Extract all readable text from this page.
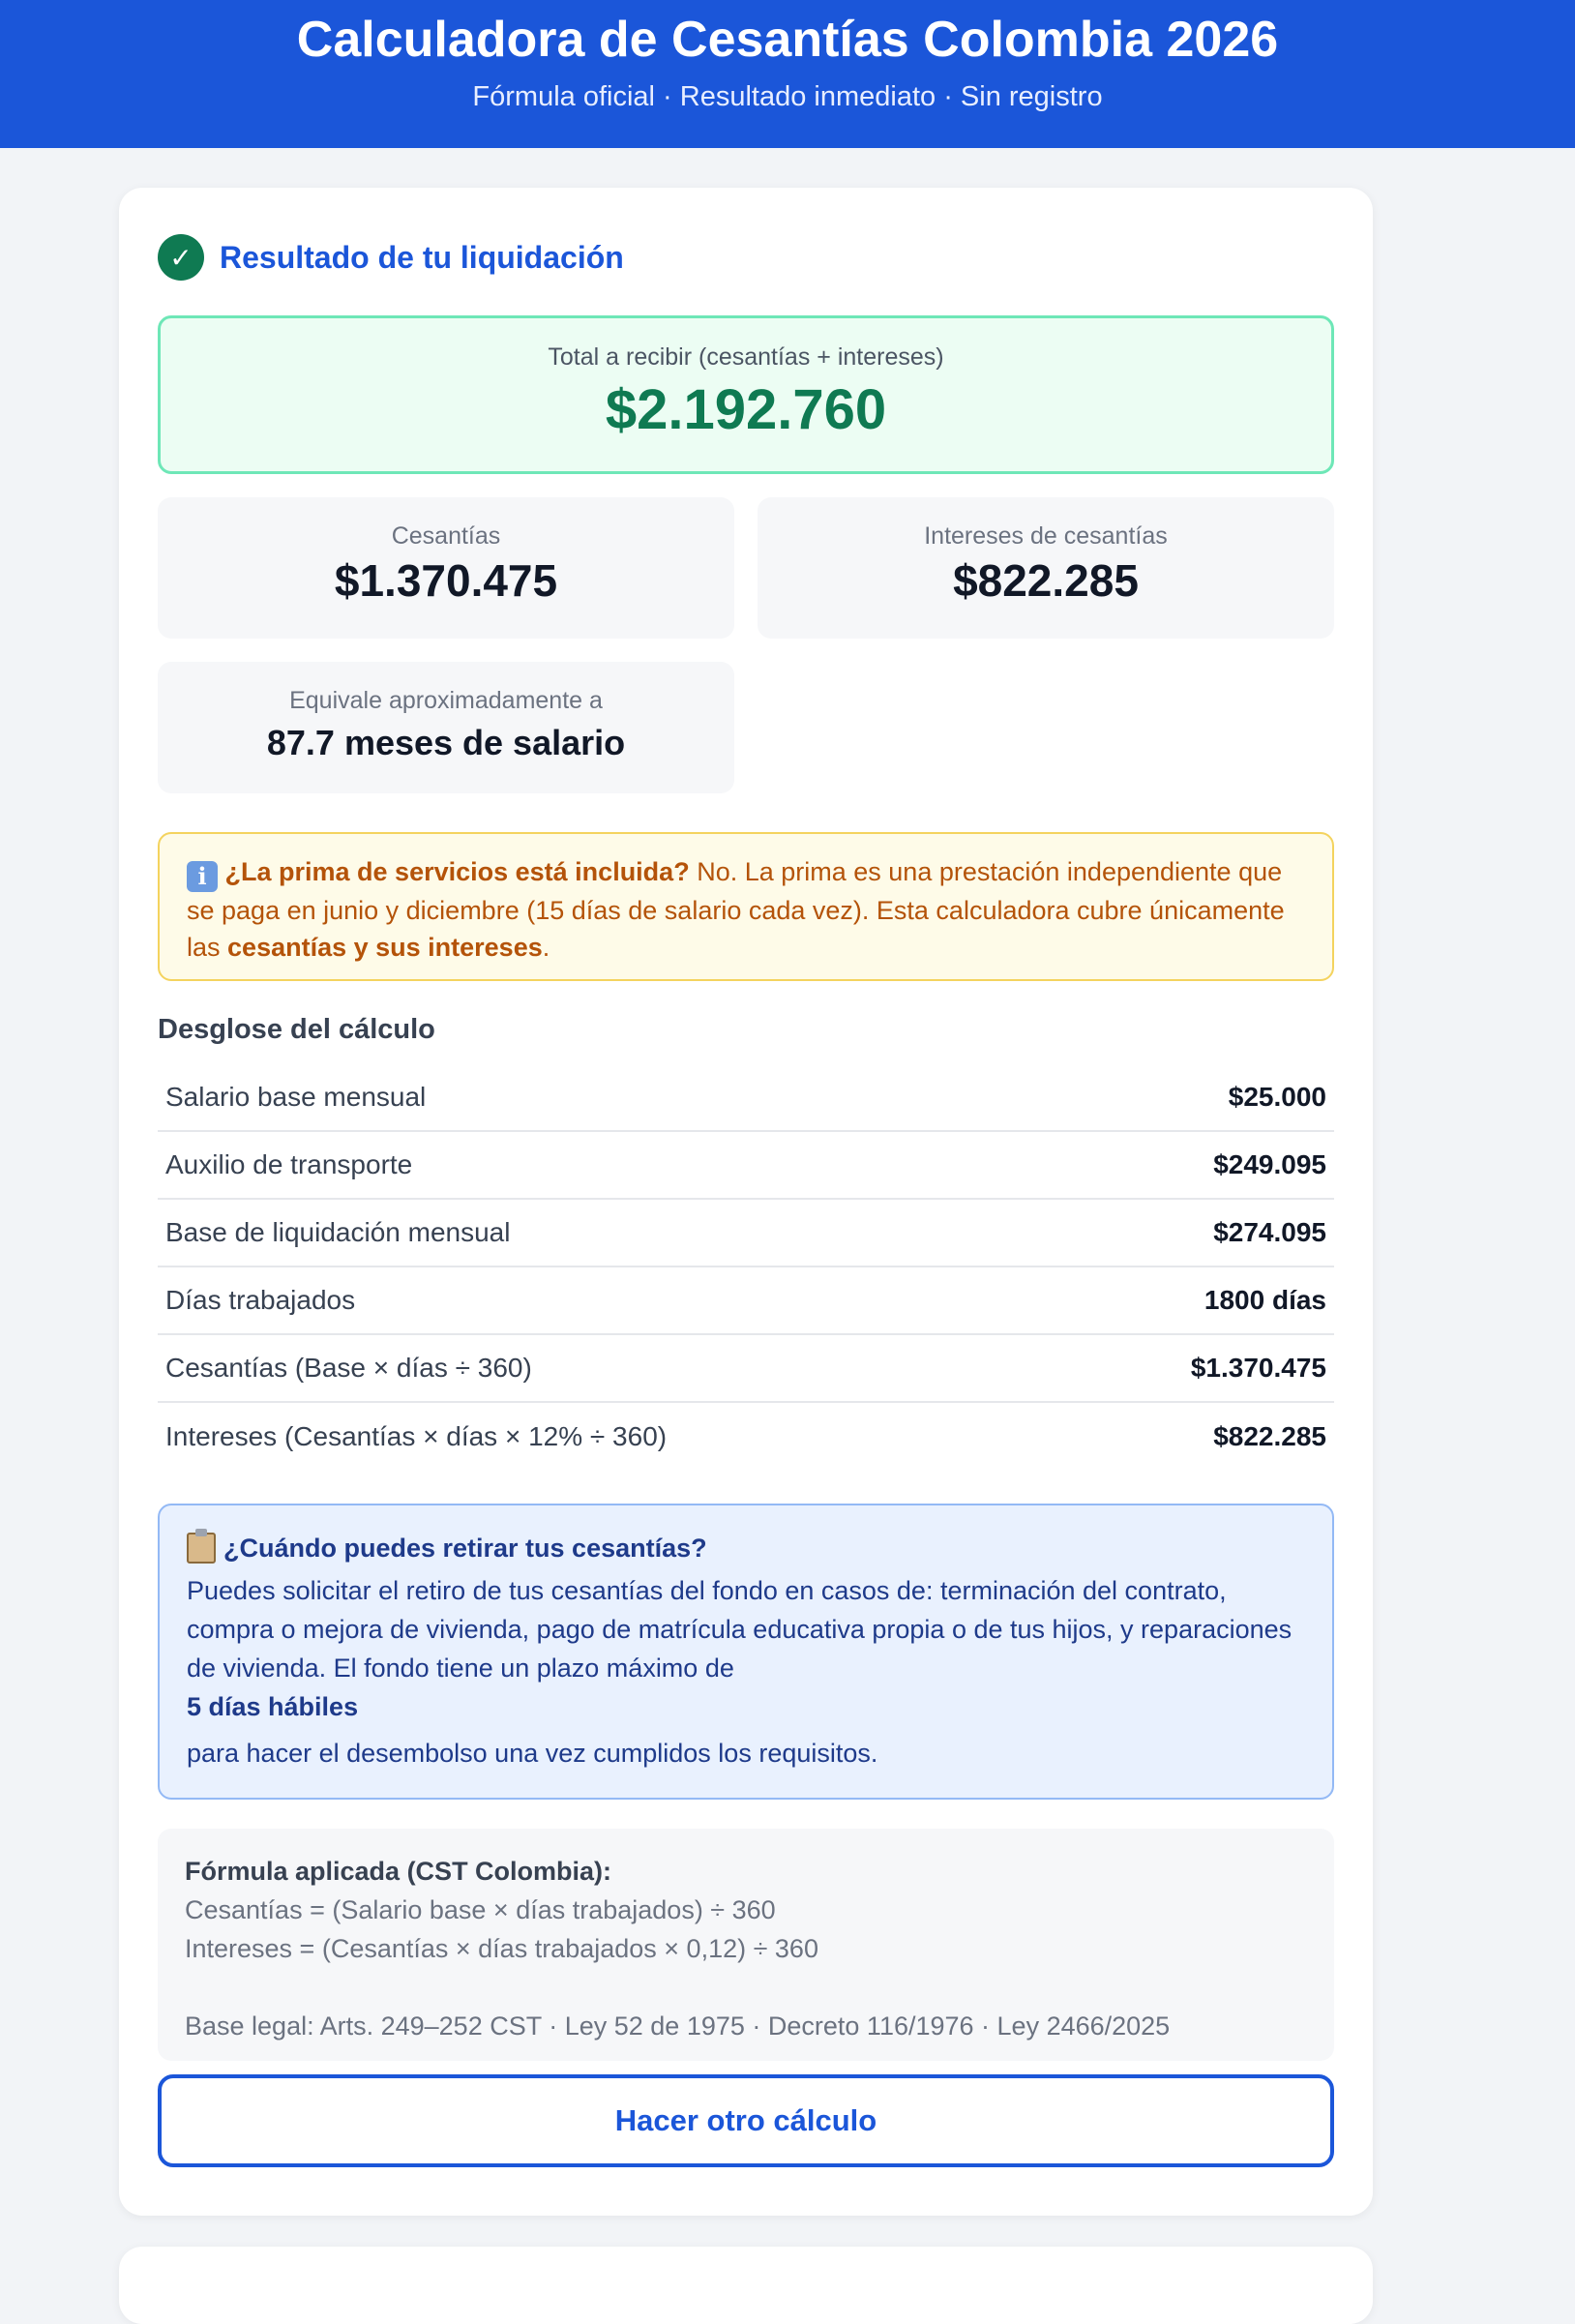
Calculadora de Cesantías Colombia 2026
Fórmula oficial · Resultado inmediato · Sin registro
✓ Resultado de tu liquidación
Total a recibir (cesantías + intereses)
$2.192.760
Cesantías
$1.370.475
Intereses de cesantías
$822.285
Equivale aproximadamente a
87.7 meses de salario
i ¿La prima de servicios está incluida? No. La prima es una prestación independiente que se paga en junio y diciembre (15 días de salario cada vez). Esta calculadora cubre únicamente las cesantías y sus intereses.
Desglose del cálculo
Salario base mensual	$25.000
Auxilio de transporte	$249.095
Base de liquidación mensual	$274.095
Días trabajados	1800 días
Cesantías (Base × días ÷ 360)	$1.370.475
Intereses (Cesantías × días × 12% ÷ 360)	$822.285
¿Cuándo puedes retirar tus cesantías?
Puedes solicitar el retiro de tus cesantías del fondo en casos de: terminación del contrato, compra o mejora de vivienda, pago de matrícula educativa propia o de tus hijos, y reparaciones de vivienda. El fondo tiene un plazo máximo de
5 días hábiles
para hacer el desembolso una vez cumplidos los requisitos.
Fórmula aplicada (CST Colombia):
Cesantías = (Salario base × días trabajados) ÷ 360
Intereses = (Cesantías × días trabajados × 0,12) ÷ 360
Base legal: Arts. 249–252 CST · Ley 52 de 1975 · Decreto 116/1976 · Ley 2466/2025
Hacer otro cálculo
